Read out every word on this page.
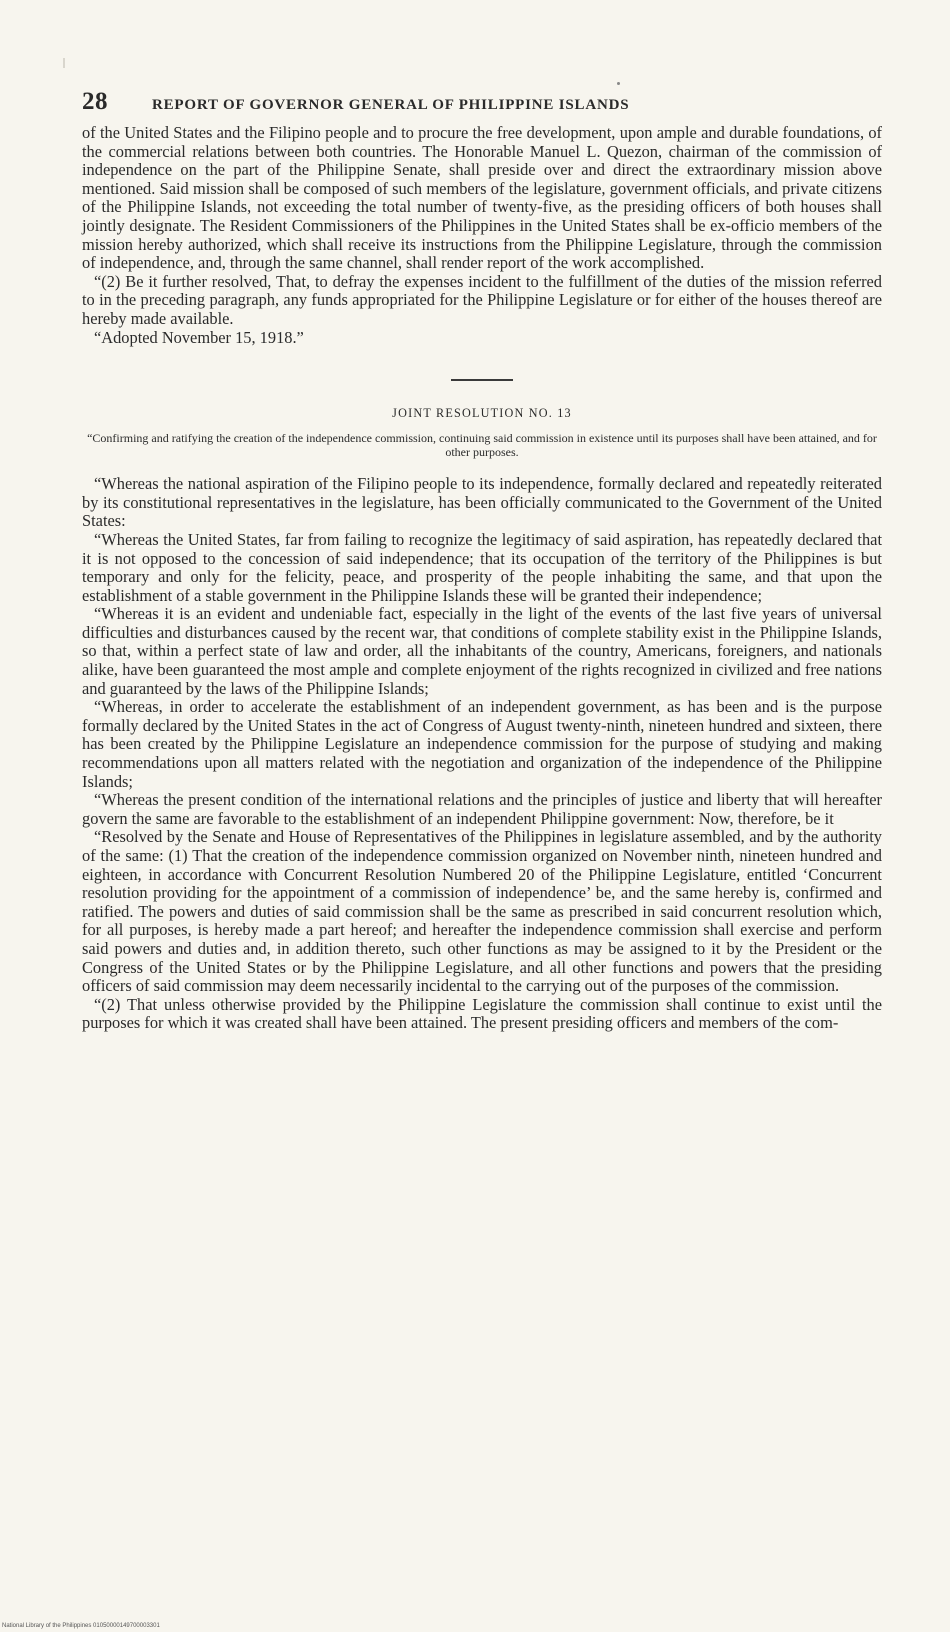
28	REPORT OF GOVERNOR GENERAL OF PHILIPPINE ISLANDS

of the United States and the Filipino people and to procure the free development, upon ample and durable foundations, of the commercial relations between both countries. The Honorable Manuel L. Quezon, chairman of the commission of independence on the part of the Philippine Senate, shall preside over and direct the extraordinary mission above mentioned. Said mission shall be composed of such members of the legislature, government officials, and private citizens of the Philippine Islands, not exceeding the total number of twenty-five, as the presiding officers of both houses shall jointly designate. The Resident Commissioners of the Philippines in the United States shall be ex-officio members of the mission hereby authorized, which shall receive its instructions from the Philippine Legislature, through the commission of independence, and, through the same channel, shall render report of the work accomplished.

“(2) Be it further resolved, That, to defray the expenses incident to the fulfillment of the duties of the mission referred to in the preceding paragraph, any funds appropriated for the Philippine Legislature or for either of the houses thereof are hereby made available.

“Adopted November 15, 1918.”

JOINT RESOLUTION NO. 13
“Confirming and ratifying the creation of the independence commission, continuing said commission in existence until its purposes shall have been attained, and for other purposes.

“Whereas the national aspiration of the Filipino people to its independence, formally declared and repeatedly reiterated by its constitutional representatives in the legislature, has been officially communicated to the Government of the United States:

“Whereas the United States, far from failing to recognize the legitimacy of said aspiration, has repeatedly declared that it is not opposed to the concession of said independence; that its occupation of the territory of the Philippines is but temporary and only for the felicity, peace, and prosperity of the people inhabiting the same, and that upon the establishment of a stable government in the Philippine Islands these will be granted their independence;

“Whereas it is an evident and undeniable fact, especially in the light of the events of the last five years of universal difficulties and disturbances caused by the recent war, that conditions of complete stability exist in the Philippine Islands, so that, within a perfect state of law and order, all the inhabitants of the country, Americans, foreigners, and nationals alike, have been guaranteed the most ample and complete enjoyment of the rights recognized in civilized and free nations and guaranteed by the laws of the Philippine Islands;

“Whereas, in order to accelerate the establishment of an independent government, as has been and is the purpose formally declared by the United States in the act of Congress of August twenty-ninth, nineteen hundred and sixteen, there has been created by the Philippine Legislature an independence commission for the purpose of studying and making recommendations upon all matters related with the negotiation and organization of the independence of the Philippine Islands;

“Whereas the present condition of the international relations and the principles of justice and liberty that will hereafter govern the same are favorable to the establishment of an independent Philippine government: Now, therefore, be it

“Resolved by the Senate and House of Representatives of the Philippines in legislature assembled, and by the authority of the same: (1) That the creation of the independence commission organized on November ninth, nineteen hundred and eighteen, in accordance with Concurrent Resolution Numbered 20 of the Philippine Legislature, entitled ‘Concurrent resolution providing for the appointment of a commission of independence’ be, and the same hereby is, confirmed and ratified. The powers and duties of said commission shall be the same as prescribed in said concurrent resolution which, for all purposes, is hereby made a part hereof; and hereafter the independence commission shall exercise and perform said powers and duties and, in addition thereto, such other functions as may be assigned to it by the President or the Congress of the United States or by the Philippine Legislature, and all other functions and powers that the presiding officers of said commission may deem necessarily incidental to the carrying out of the purposes of the commission.

“(2) That unless otherwise provided by the Philippine Legislature the commission shall continue to exist until the purposes for which it was created shall have been attained. The present presiding officers and members of the com-

National Library of the Philippines 01050000149700003301
